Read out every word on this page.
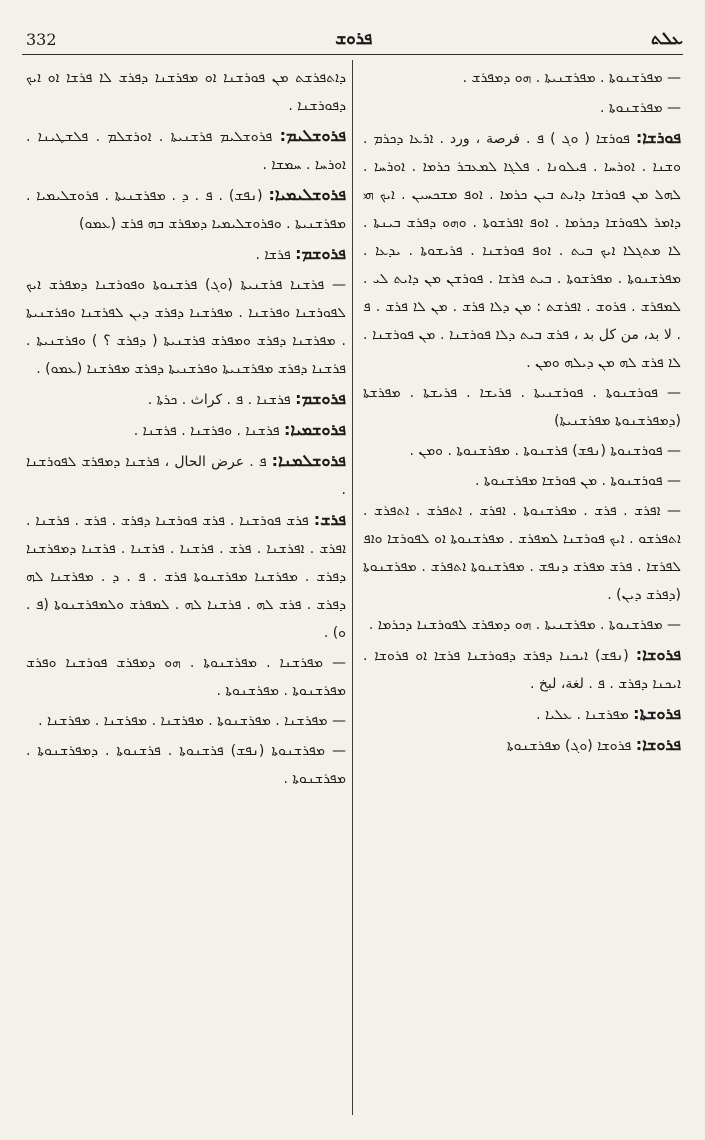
332	ܦܪܘܫ	ܥܠܬ

— ܡܦܪܫܢܘܬܐ . ܡܦܪܫܢܝܬܐ . ܗܘ ܕܡܦܪܫ .

— ܡܦܪܫܢܘܬܐ .

ܦܘܪܫܐ: ܦܘܪܫܐ ( ܘܓ ) ܦ . فرصة ، ورد . ܐܪܥܐ ܕܟܪܡ . ܘܫܢܐ . ܐܘܪܚܐ . ܦܝܠܘܢܐ . ܦܠܓܐ ܠܡܥܒܪ ܟܪܡܐ . ܐܘܪܚܐ . ܠܗܠ ܡܢ ܦܘܪܫܐ ܕܐܝܬ ܒܝܢ ܟܪܡܐ . ܐܘܦ ܡܫܟܚܝܢ . ܐܝܟ ܗܝ ܕܐܡܪ ܠܦܘܪܫܐ ܕܟܪܡܐ . ܐܘܦ ܐܦܪܫܘܬܐ . ܘܗܘ ܕܦܪܫ ܒܝܢܬܐ . ܠܐ ܡܬܓܠܐ ܐܝܟ ܒܝܬ . ܐܘܦ ܦܘܪܫܢܐ . ܦܪܝܫܘܬܐ . ܝܕܥܐ . ܡܦܪܫܢܘܬܐ . ܡܦܪܫܘܬܐ . ܒܝܬ ܦܪܫܐ . ܦܘܪܫܢ ܡܢ ܕܐܝܬ ܠܝ . ܠܡܦܪܫ . ܦܪܘܫ . ܐܦܪܫܬ : ܡܢ ܕܠܐ ܦܪܫ . ܡܢ ܠܐ ܦܪܫ . ܦ . لا بد، من كل بد ، ܦܪܫ ܒܝܬ ܕܠܐ ܦܘܪܫܢܐ . ܡܢ ܦܘܪܫܢܐ . ܠܐ ܦܪܫ ܠܗ ܡܢ ܕܝܠܗ ܘܡܢ .

— ܦܘܪܫܢܘܬܐ . ܦܘܪܫܢܝܬܐ . ܦܪܝܫܐ . ܦܪܝܫܬܐ . ܡܦܪܫܬܐ (ܕܡܦܪܫܢܘܬܐ ܡܦܪܫܢܝܬܐ)

— ܦܘܪܫܢܘܬܐ (ܢܦܫ) ܦܪܫܢܘܬܐ . ܡܦܪܫܢܘܬܐ . ܘܡܢ .

— ܦܘܪܫܢܘܬܐ . ܡܢ ܦܘܪܫܐ ܡܦܪܫܢܘܬܐ .

— ܐܦܪܫ . ܦܪܫ . ܡܦܪܫܢܘܬܐ . ܐܦܪܫ . ܐܬܦܪܫ . ܐܬܦܪܫ . ܐܬܦܪܫܘ . ܐܝܟ ܦܘܪܫܢܐ ܠܡܦܪܫ . ܡܦܪܫܢܘܬܐ ܐܘ ܠܦܘܪܫܐ ܘܐܦ ܠܦܪܫܐ . ܦܪܫ ܡܦܪܫ ܕܢܦܫ . ܡܦܪܫܢܘܬܐ ܐܬܦܪܫ . ܡܦܪܫܢܘܬܐ (ܕܦܪܫ ܕܝܢ) .

— ܡܦܪܫܢܘܬܐ . ܡܦܪܫܢܝܬܐ . ܗܘ ܕܡܦܪܫ ܠܦܘܪܫܢܐ ܕܟܪܡܐ .

ܦܪܘܫܐ: (ܢܦܫ) ܐܝܟܢܐ ܕܦܪܫ ܕܦܘܪܫܢܐ ܦܪܫܐ ܐܘ ܦܪܘܫܐ . ܐܝܟܢܐ ܕܦܪܫ . ܦ . لغة، لبخ .

ܦܪܘܫܬܐ: ܡܦܪܫܢܐ . ܥܠܝܐ .

ܦܪܘܫܐ: ܦܪܘܫܐ (ܘܓ) ܡܦܪܫܢܘܬܐ

ܕܐܬܦܪܫܬ ܡܢ ܦܘܪܫܢܐ ܐܘ ܡܦܪܫܢܐ ܕܦܪܫ ܠܐ ܦܪܫܐ ܐܘ ܐܝܟ ܕܦܘܪܫܢܐ .

ܦܪܘܫܠܝܡ: ܦܪܘܫܠܝܡ ܦܪܫܢܝܬܐ . ܐܘܪܫܠܡ . ܦܠܫܛܝܢܐ . ܐܘܪܚܐ . ܚܡܫܐ .

ܦܪܘܫܠܝܡܝܐ: (ܢܦܫ) . ܦ . ܕ . ܡܦܪܫܢܝܬܐ . ܦܪܘܫܠܝܡܝܐ . ܡܦܪܫܢܝܬܐ . ܘܦܪܘܫܠܝܡܝܐ ܕܡܦܪܫ ܒܗ ܦܪܫ (ܥܡܘ)

ܦܪܘܫܡ: ܦܪܫܐ .

— ܦܪܫܢܐ ܦܪܫܢܝܬܐ (ܘܓ) ܦܪܫܢܘܬܐ ܘܦܘܪܫܢܐ ܕܡܦܪܫ ܐܝܟ ܠܦܘܪܫܢܐ ܘܦܪܫܢܐ . ܡܦܪܫܢܐ ܕܦܪܫ ܕܝܢ ܠܦܪܫܢܐ ܘܦܪܫܢܝܬܐ . ܡܦܪܫܢܐ ܕܦܪܫ ܘܡܦܪܫ ܦܪܫܢܝܬܐ ( ܕܦܪܫ ؟ ) ܘܦܪܫܢܝܬܐ . ܦܪܫܢܐ ܕܦܪܫ ܡܦܪܫܢܝܬܐ ܘܦܪܫܢܝܬܐ ܕܦܪܫ ܡܦܪܫܢܐ (ܥܡܘ) .

ܦܪܘܫܡ: ܦܪܫܢܐ . ܦ . كراث . ܟܪܬܐ .

ܦܪܘܫܡܝܐ: ܦܪܫܢܐ . ܘܦܪܫܢܐ . ܦܪܫܢܐ .

ܦܪܘܫܠܡܢܐ: ܦ . عرض الحال ، ܦܪܫܢܐ ܕܡܦܪܫ ܠܦܘܪܫܢܐ .

ܦܪܫ: ܦܪܫ ܦܘܪܫܢܐ . ܦܪܫ ܦܘܪܫܢܐ ܕܦܪܫ . ܦܪܫ . ܦܪܫܢܐ . ܐܦܪܫ . ܐܦܪܫܢܐ . ܦܪܫ . ܦܪܫܢܐ . ܦܪܫܢܐ . ܦܪܫܢܐ ܕܡܦܪܫܢܐ ܕܦܪܫ . ܡܦܪܫܢܐ ܡܦܪܫܢܘܬܐ ܦܪܫ . ܦ . ܕ . ܡܦܪܫܢܐ ܠܗ ܕܦܪܫ . ܦܪܫ ܠܗ . ܦܪܫܢܐ ܠܗ . ܠܡܦܪܫ ܘܠܡܦܪܫܢܘܬܐ (ܦ . ܘ) .

— ܡܦܪܫܢܐ . ܡܦܪܫܢܘܬܐ . ܗܘ ܕܡܦܪܫ ܦܘܪܫܢܐ ܘܦܪܫ ܡܦܪܫܢܘܬܐ . ܡܦܪܫܢܘܬܐ .

— ܡܦܪܫܢܐ . ܡܦܪܫܢܘܬܐ . ܡܦܪܫܢܐ . ܡܦܪܫܢܐ . ܡܦܪܫܢܐ .

— ܡܦܪܫܢܘܬܐ (ܢܦܫ) ܦܪܫܢܘܬܐ . ܦܪܫܢܘܬܐ . ܕܡܦܪܫܢܘܬܐ . ܡܦܪܫܢܘܬܐ .
